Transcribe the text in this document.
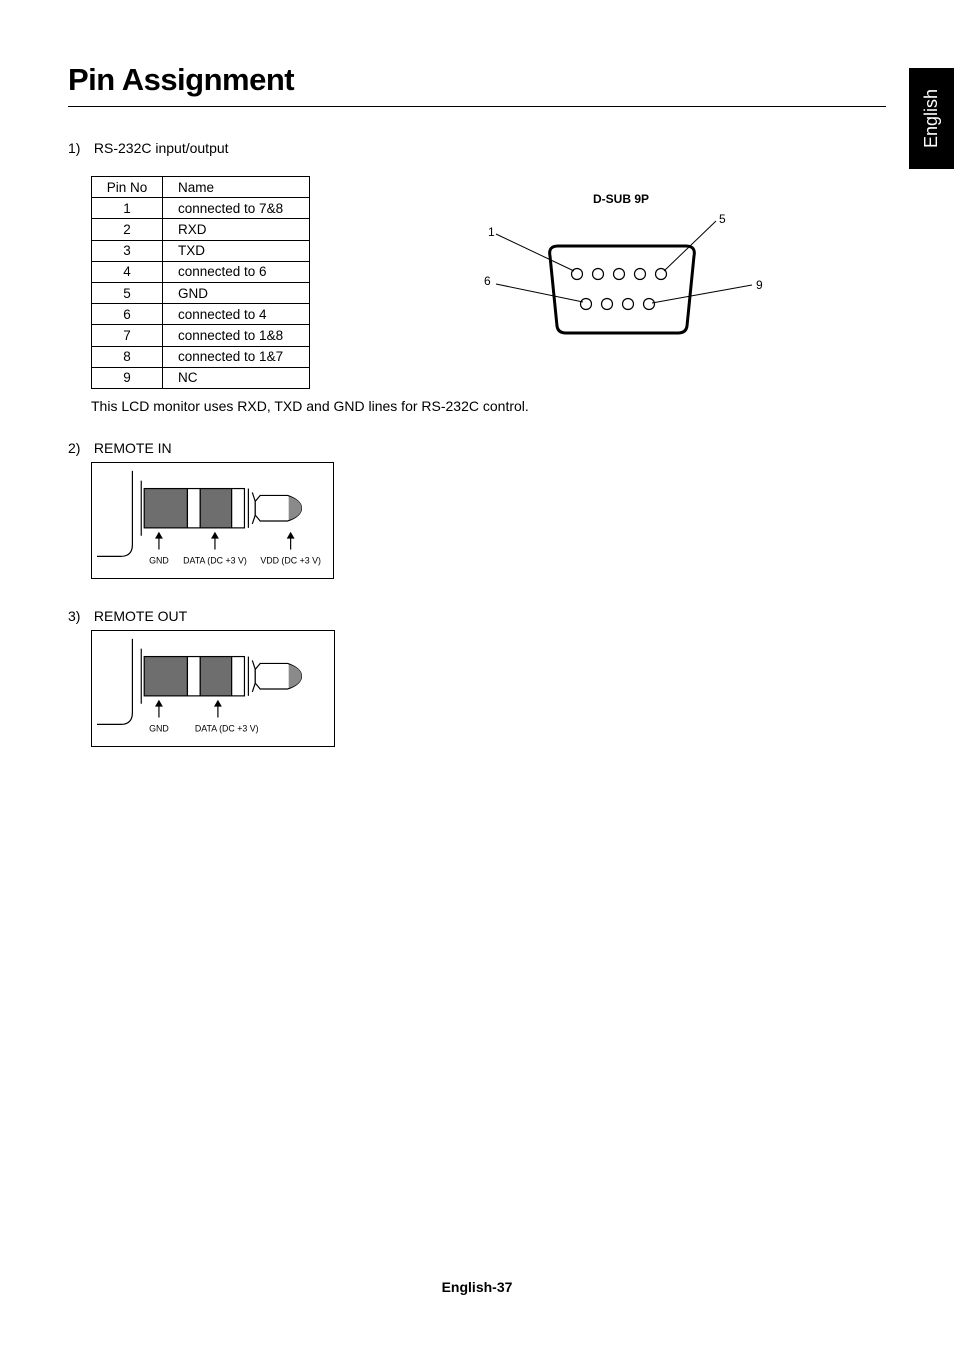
Pin Assignment
English
1) RS-232C input/output
Pin No	Name
1	connected to 7&8
2	RXD
3	TXD
4	connected to 6
5	GND
6	connected to 4
7	connected to 1&8
8	connected to 1&7
9	NC
D-SUB 9P
1
5
6	9
This LCD monitor uses RXD, TXD and GND lines for RS-232C control.
2) REMOTE IN
GND DATA (DC +3 V) VDD (DC +3 V)
3) REMOTE OUT
GND	DATA (DC +3 V)
English-37
